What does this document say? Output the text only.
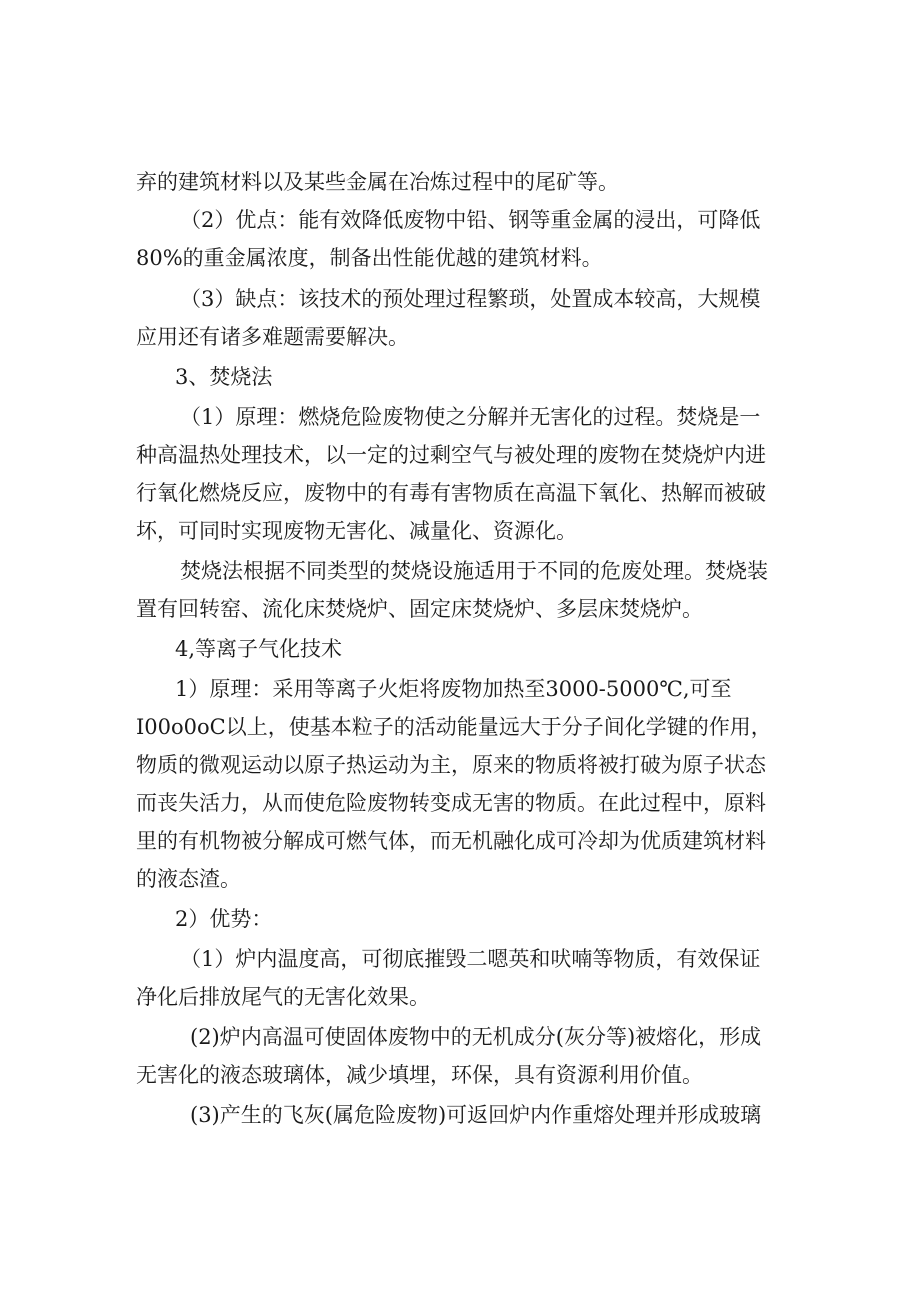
弃的建筑材料以及某些金属在冶炼过程中的尾矿等。
（2）优点：能有效降低废物中铅、钢等重金属的浸出，可降低
80%的重金属浓度，制备出性能优越的建筑材料。
（3）缺点：该技术的预处理过程繁琐，处置成本较高，大规模
应用还有诸多难题需要解决。
3、焚烧法
（1）原理：燃烧危险废物使之分解并无害化的过程。焚烧是一
种高温热处理技术，以一定的过剩空气与被处理的废物在焚烧炉内进
行氧化燃烧反应，废物中的有毒有害物质在高温下氧化、热解而被破
坏，可同时实现废物无害化、减量化、资源化。
焚烧法根据不同类型的焚烧设施适用于不同的危废处理。焚烧装
置有回转窑、流化床焚烧炉、固定床焚烧炉、多层床焚烧炉。
4,等离子气化技术
1）原理：采用等离子火炬将废物加热至3000-5000℃,可至
I00o0oC以上，使基本粒子的活动能量远大于分子间化学键的作用，
物质的微观运动以原子热运动为主，原来的物质将被打破为原子状态
而丧失活力，从而使危险废物转变成无害的物质。在此过程中，原料
里的有机物被分解成可燃气体，而无机融化成可冷却为优质建筑材料
的液态渣。
2）优势：
（1）炉内温度高，可彻底摧毁二嗯英和吠喃等物质，有效保证
净化后排放尾气的无害化效果。
(2)炉内高温可使固体废物中的无机成分(灰分等)被熔化，形成
无害化的液态玻璃体，减少填埋，环保，具有资源利用价值。
(3)产生的飞灰(属危险废物)可返回炉内作重熔处理并形成玻璃
